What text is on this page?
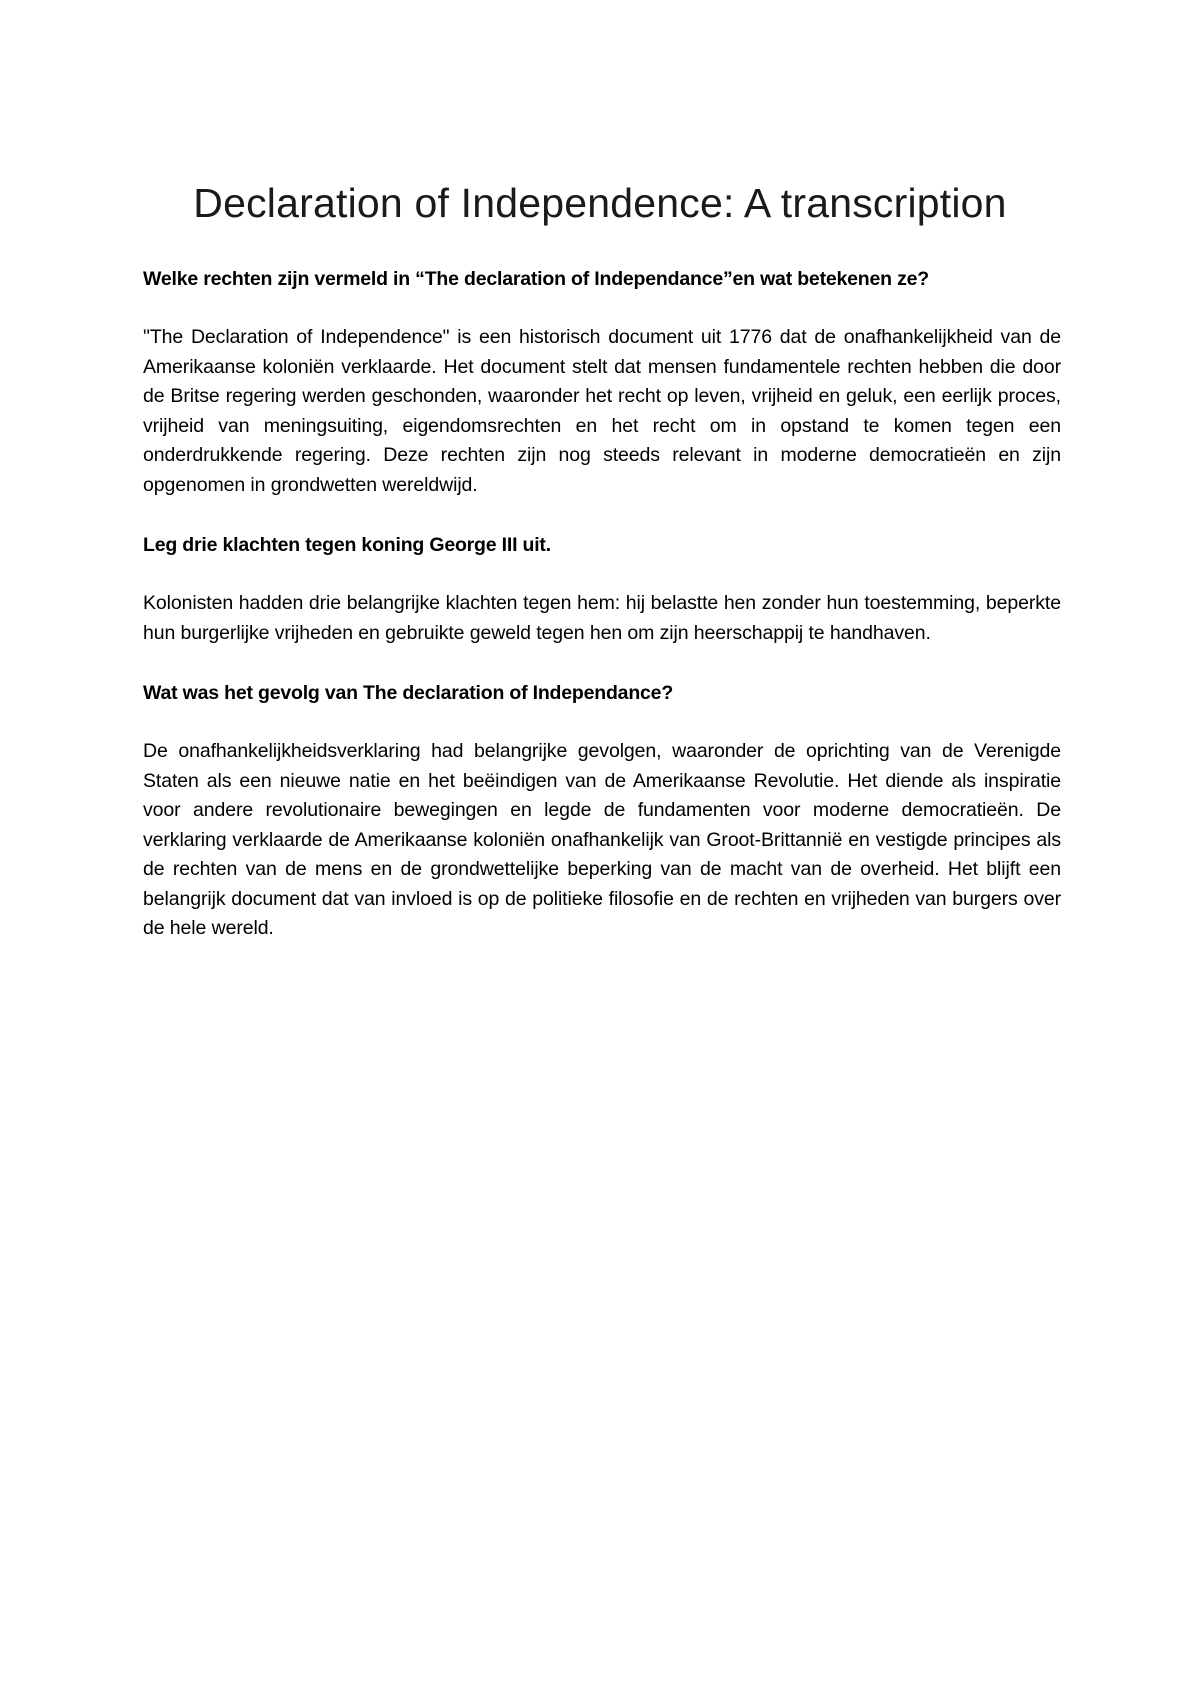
Declaration of Independence: A transcription

Welke rechten zijn vermeld in “The declaration of Independance”en wat betekenen ze?

"The Declaration of Independence" is een historisch document uit 1776 dat de onafhankelijkheid van de Amerikaanse koloniën verklaarde. Het document stelt dat mensen fundamentele rechten hebben die door de Britse regering werden geschonden, waaronder het recht op leven, vrijheid en geluk, een eerlijk proces, vrijheid van meningsuiting, eigendomsrechten en het recht om in opstand te komen tegen een onderdrukkende regering. Deze rechten zijn nog steeds relevant in moderne democratieën en zijn opgenomen in grondwetten wereldwijd.

Leg drie klachten tegen koning George III uit.

Kolonisten hadden drie belangrijke klachten tegen hem: hij belastte hen zonder hun toestemming, beperkte hun burgerlijke vrijheden en gebruikte geweld tegen hen om zijn heerschappij te handhaven.

Wat was het gevolg van The declaration of Independance?

De onafhankelijkheidsverklaring had belangrijke gevolgen, waaronder de oprichting van de Verenigde Staten als een nieuwe natie en het beëindigen van de Amerikaanse Revolutie. Het diende als inspiratie voor andere revolutionaire bewegingen en legde de fundamenten voor moderne democratieën. De verklaring verklaarde de Amerikaanse koloniën onafhankelijk van Groot-Brittannië en vestigde principes als de rechten van de mens en de grondwettelijke beperking van de macht van de overheid. Het blijft een belangrijk document dat van invloed is op de politieke filosofie en de rechten en vrijheden van burgers over de hele wereld.
